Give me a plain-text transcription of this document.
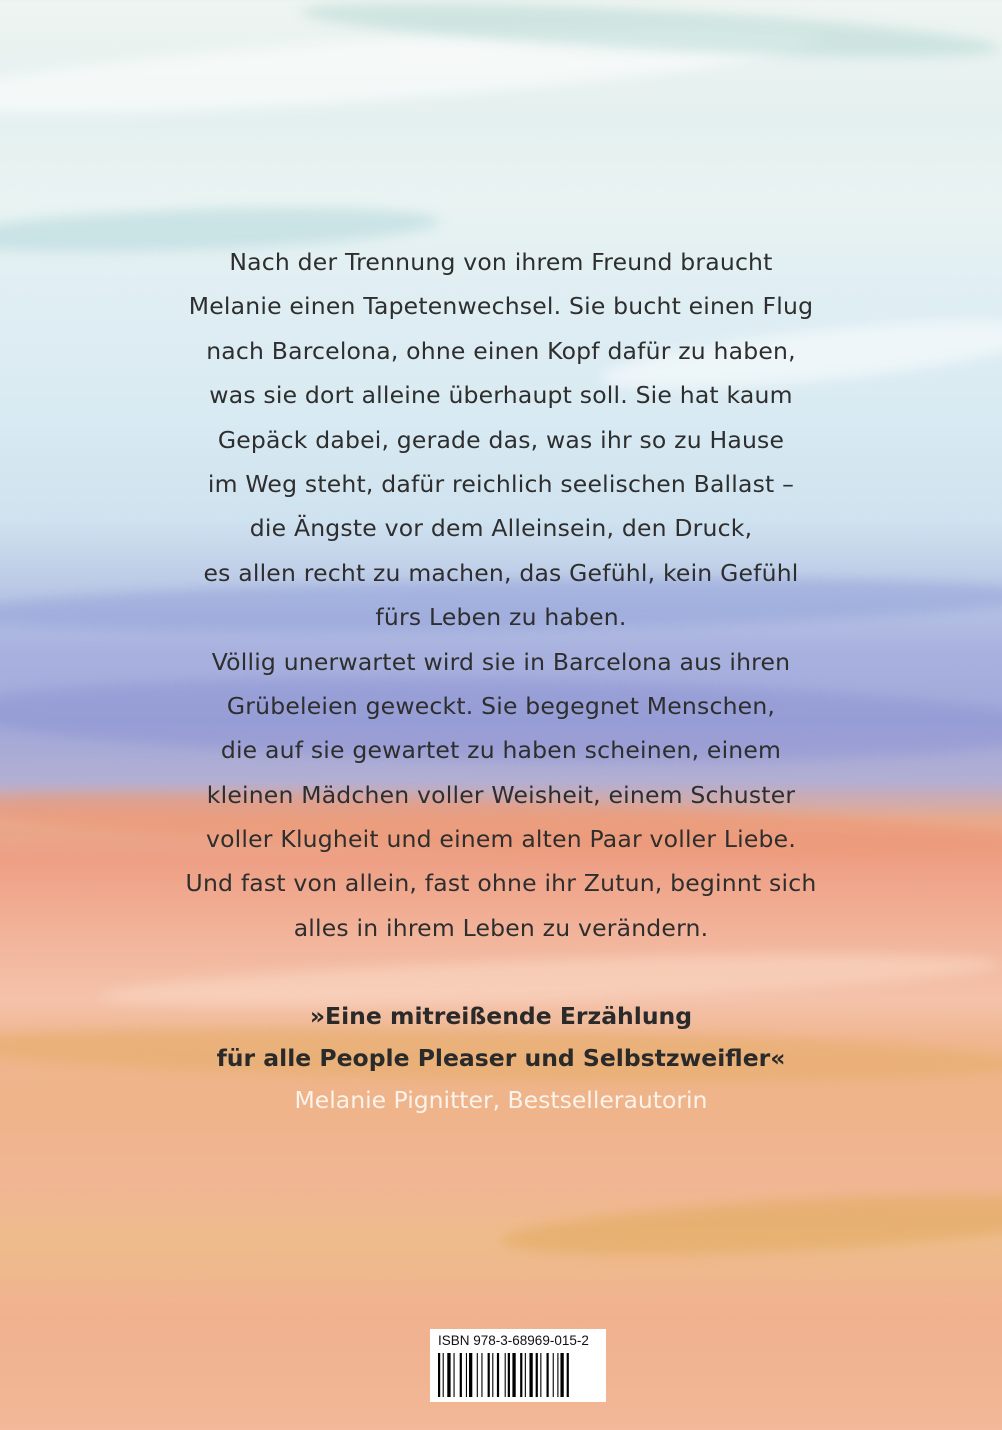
Nach der Trennung von ihrem Freund braucht
Melanie einen Tapetenwechsel. Sie bucht einen Flug
nach Barcelona, ohne einen Kopf dafür zu haben,
was sie dort alleine überhaupt soll. Sie hat kaum
Gepäck dabei, gerade das, was ihr so zu Hause
im Weg steht, dafür reichlich seelischen Ballast –
die Ängste vor dem Alleinsein, den Druck,
es allen recht zu machen, das Gefühl, kein Gefühl
fürs Leben zu haben.
Völlig unerwartet wird sie in Barcelona aus ihren
Grübeleien geweckt. Sie begegnet Menschen,
die auf sie gewartet zu haben scheinen, einem
kleinen Mädchen voller Weisheit, einem Schuster
voller Klugheit und einem alten Paar voller Liebe.
Und fast von allein, fast ohne ihr Zutun, beginnt sich
alles in ihrem Leben zu verändern.
»Eine mitreißende Erzählung
für alle People Pleaser und Selbstzweifler«
Melanie Pignitter, Bestsellerautorin
ISBN 978-3-68969-015-2
